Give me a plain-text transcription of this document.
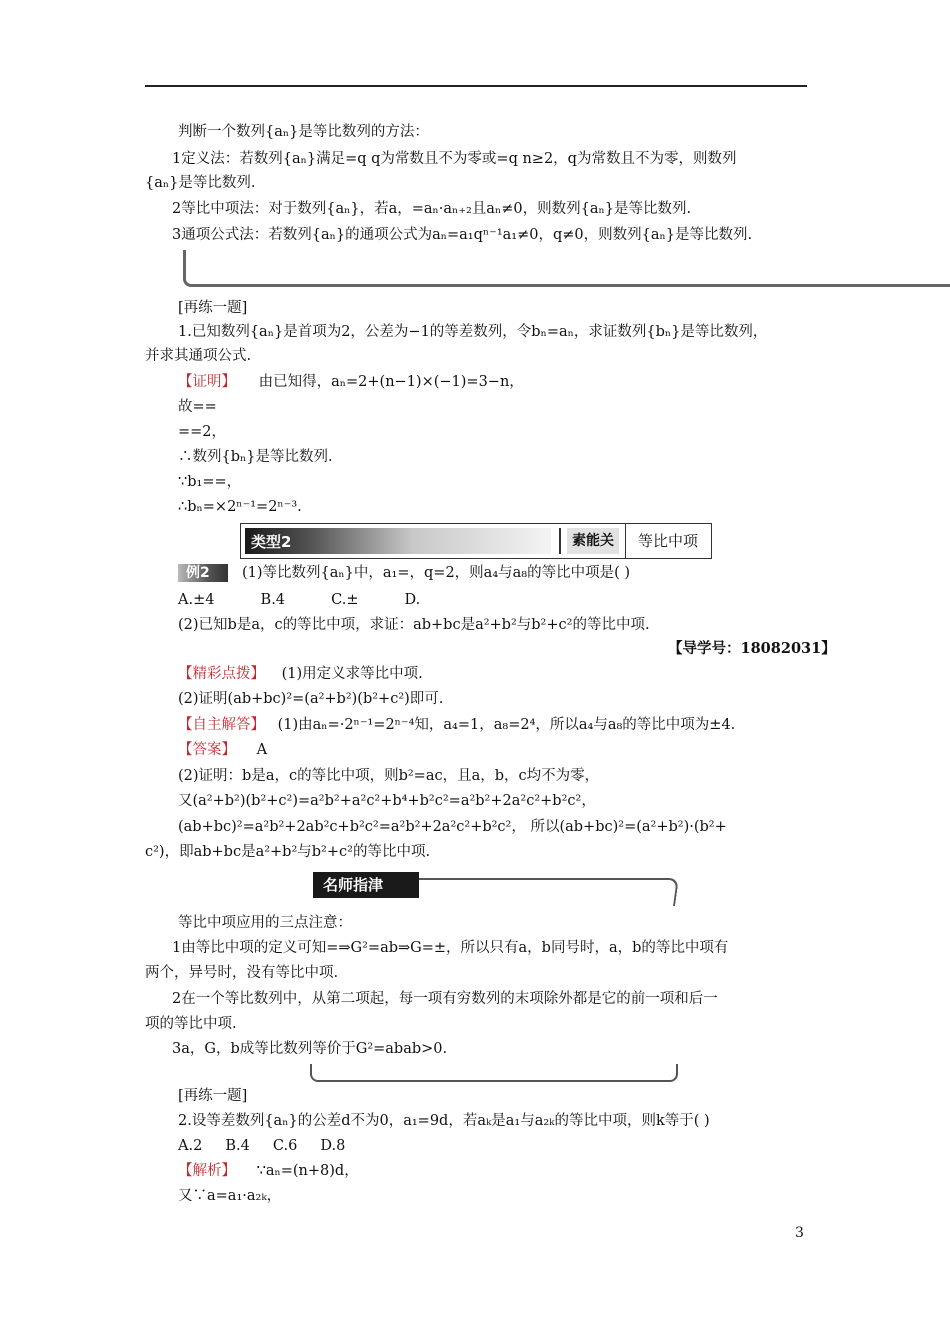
判断一个数列{aₙ}是等比数列的方法：
1定义法：若数列{aₙ}满足=q q为常数且不为零或=q n≥2，q为常数且不为零，则数列
{aₙ}是等比数列.
2等比中项法：对于数列{aₙ}，若a，=aₙ·aₙ₊₂且aₙ≠0，则数列{aₙ}是等比数列.
3通项公式法：若数列{aₙ}的通项公式为aₙ=a₁qⁿ⁻¹a₁≠0，q≠0，则数列{aₙ}是等比数列.
[再练一题]
1.已知数列{aₙ}是首项为2，公差为−1的等差数列，令bₙ=aₙ，求证数列{bₙ}是等比数列，
并求其通项公式.
【证明】 由已知得，aₙ=2+(n−1)×(−1)=3−n，
故==
==2，
∴数列{bₙ}是等比数列.
∵b₁==，
∴bₙ=×2ⁿ⁻¹=2ⁿ⁻³.
类型2	素能关	等比中项
例2	(1)等比数列{aₙ}中，a₁=，q=2，则a₄与a₈的等比中项是( )
A.±4          B.4          C.±          D.
(2)已知b是a，c的等比中项，求证：ab+bc是a²+b²与b²+c²的等比中项.
【导学号：18082031】
【精彩点拨】 (1)用定义求等比中项.
(2)证明(ab+bc)²=(a²+b²)(b²+c²)即可.
【自主解答】 (1)由aₙ=·2ⁿ⁻¹=2ⁿ⁻⁴知，a₄=1，a₈=2⁴，所以a₄与a₈的等比中项为±4.
【答案】 A
(2)证明：b是a，c的等比中项，则b²=ac，且a，b，c均不为零，
又(a²+b²)(b²+c²)=a²b²+a²c²+b⁴+b²c²=a²b²+2a²c²+b²c²，
(ab+bc)²=a²b²+2ab²c+b²c²=a²b²+2a²c²+b²c²， 所以(ab+bc)²=(a²+b²)·(b²+
c²)，即ab+bc是a²+b²与b²+c²的等比中项.
名师指津
等比中项应用的三点注意：
1由等比中项的定义可知=⇒G²=ab⇒G=±，所以只有a，b同号时，a，b的等比中项有
两个，异号时，没有等比中项.
2在一个等比数列中，从第二项起，每一项有穷数列的末项除外都是它的前一项和后一
项的等比中项.
3a，G，b成等比数列等价于G²=abab>0.
[再练一题]
2.设等差数列{aₙ}的公差d不为0，a₁=9d，若aₖ是a₁与a₂ₖ的等比中项，则k等于( )
A.2     B.4     C.6     D.8
【解析】 ∵aₙ=(n+8)d，
又∵a=a₁·a₂ₖ，
3
